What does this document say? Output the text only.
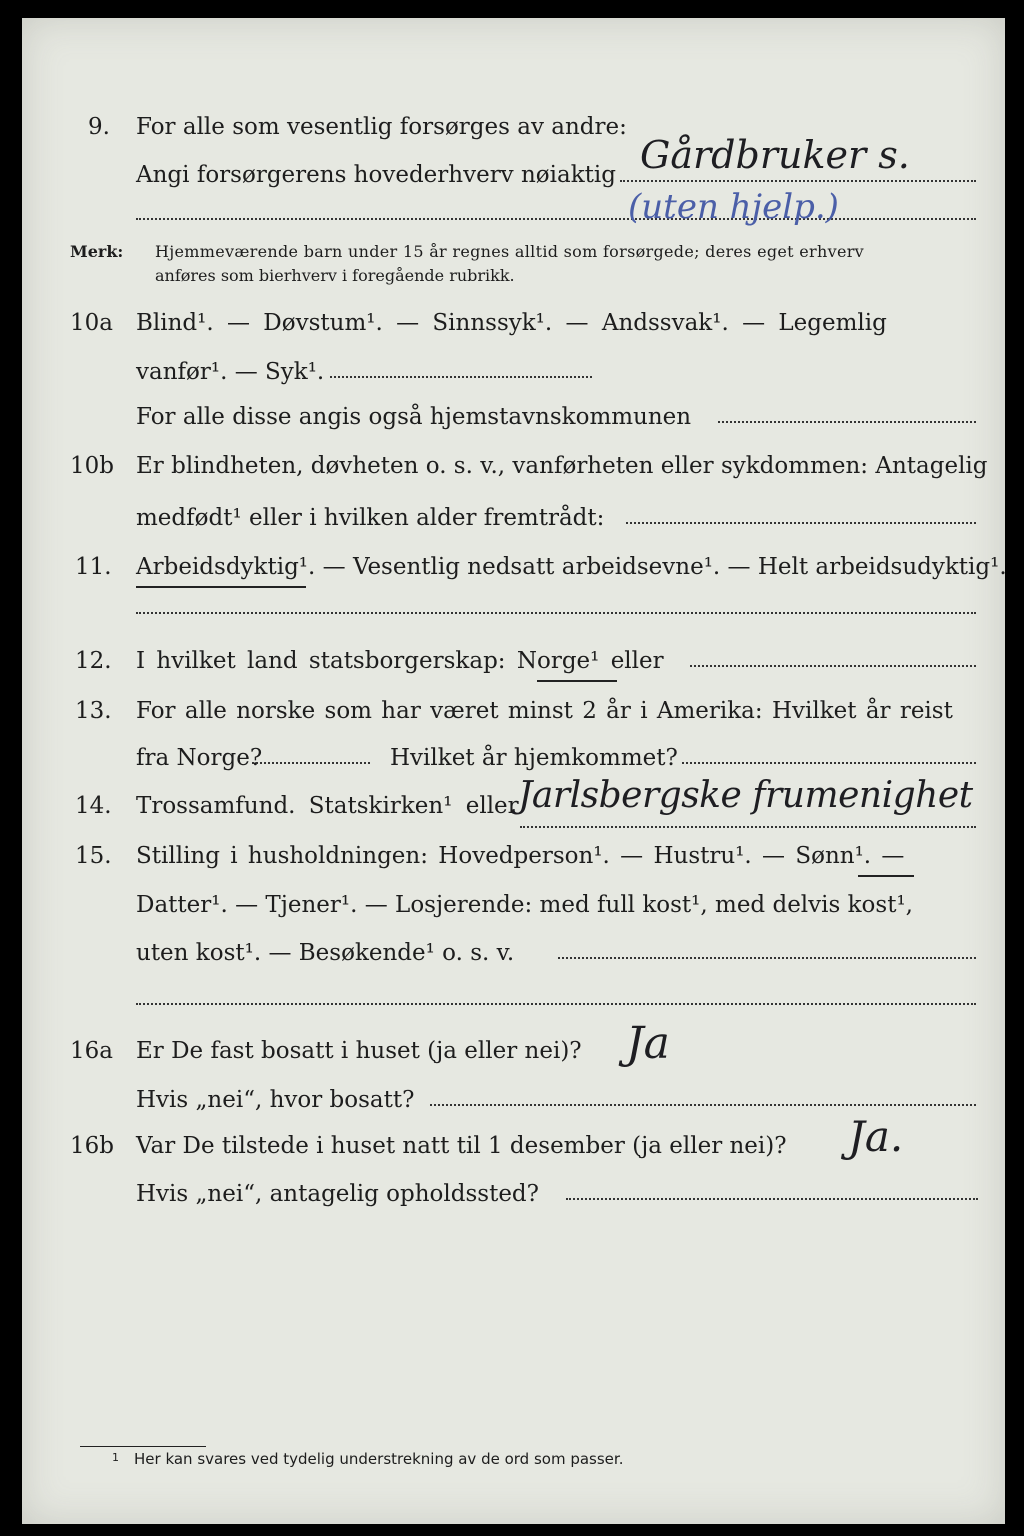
9. For alle som vesentlig forsørges av andre:
Angi forsørgerens hovederhverv nøiaktig Gårdbruker s.
(uten hjelp.)
Merk: Hjemmeværende barn under 15 år regnes alltid som forsørgede; deres eget erhverv
anføres som bierhverv i foregående rubrikk.
10a Blind¹. — Døvstum¹. — Sinnssyk¹. — Andssvak¹. — Legemlig
vanfør¹. — Syk¹.
For alle disse angis også hjemstavnskommunen
10b Er blindheten, døvheten o. s. v., vanførheten eller sykdommen: Antagelig
medfødt¹ eller i hvilken alder fremtrådt:
11. Arbeidsdyktig¹. — Vesentlig nedsatt arbeidsevne¹. — Helt arbeidsudyktig¹.
12. I hvilket land statsborgerskap: Norge¹ eller
13. For alle norske som har været minst 2 år i Amerika: Hvilket år reist
fra Norge?	Hvilket år hjemkommet?
14. Trossamfund. Statskirken¹ eller Jarlsbergske frumenighet
15. Stilling i husholdningen: Hovedperson¹. — Hustru¹. — Sønn¹. —
Datter¹. — Tjener¹. — Losjerende: med full kost¹, med delvis kost¹,
uten kost¹. — Besøkende¹ o. s. v.
16a Er De fast bosatt i huset (ja eller nei)? Ja
Hvis „nei“, hvor bosatt?
16b Var De tilstede i huset natt til 1 desember (ja eller nei)? Ja.
Hvis „nei“, antagelig opholdssted?
1 Her kan svares ved tydelig understrekning av de ord som passer.
